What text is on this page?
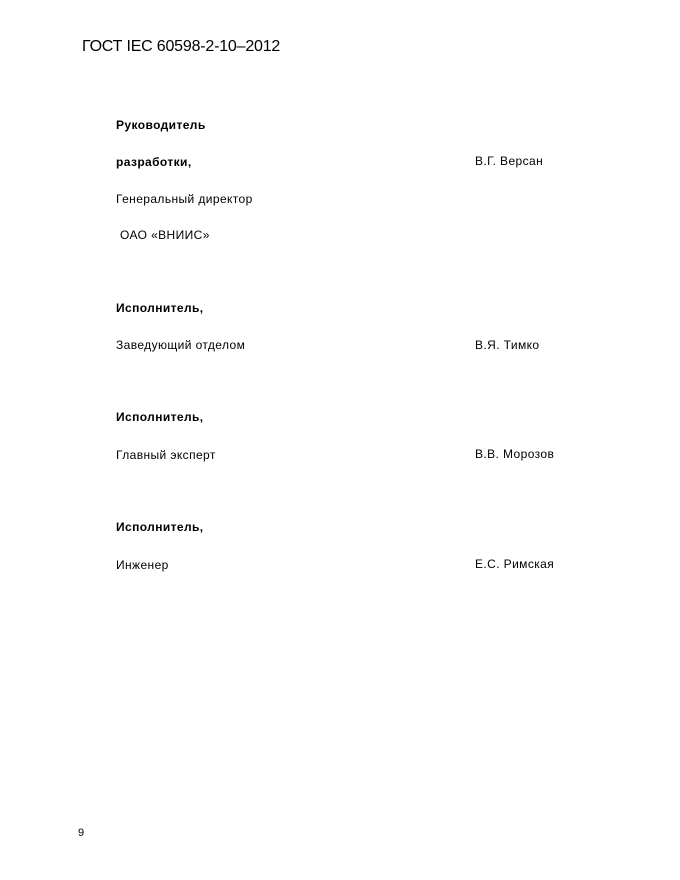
ГОСТ IEC 60598-2-10–2012
Руководитель
разработки,	В.Г. Версан
Генеральный директор
ОАО «ВНИИС»
Исполнитель,
Заведующий отделом	В.Я. Тимко
Исполнитель,
Главный эксперт	В.В. Морозов
Исполнитель,
Инженер	Е.С. Римская
9
